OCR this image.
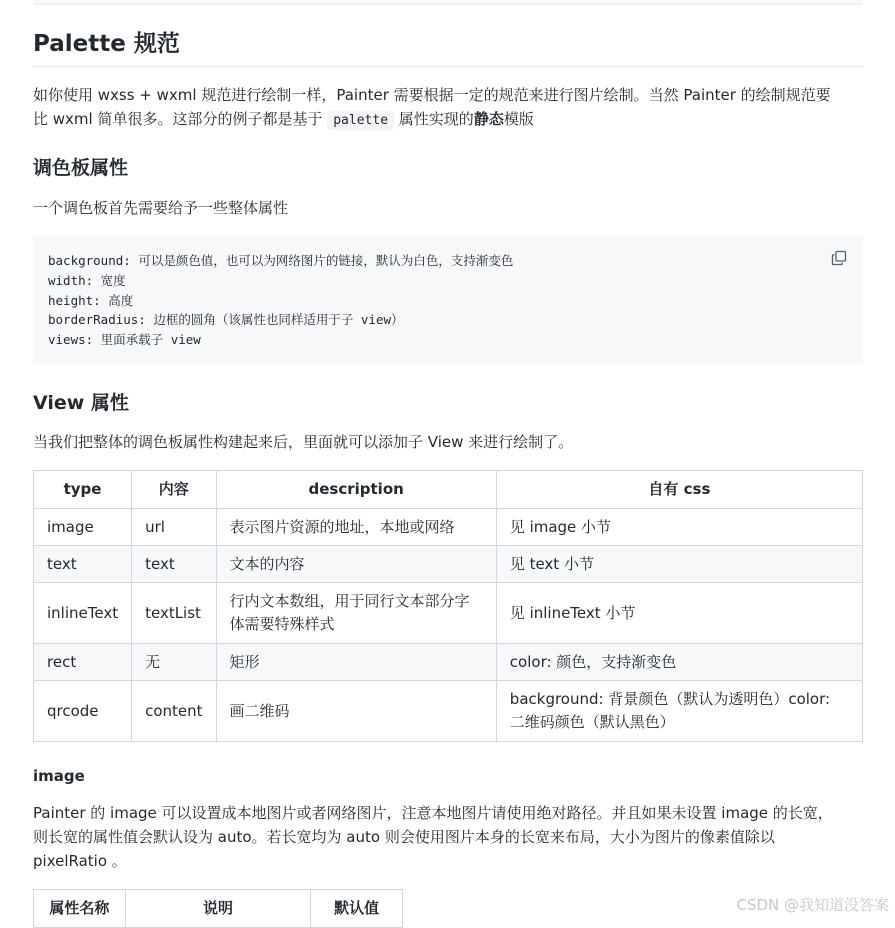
Palette 规范

如你使用 wxss + wxml 规范进行绘制一样，Painter 需要根据一定的规范来进行图片绘制。当然 Painter 的绘制规范要

比 wxml 简单很多。这部分的例子都是基于 palette 属性实现的静态模版

调色板属性

一个调色板首先需要给予一些整体属性

background: 可以是颜色值，也可以为网络图片的链接，默认为白色，支持渐变色
width: 宽度
height: 高度
borderRadius: 边框的圆角（该属性也同样适用于子 view）
views: 里面承载子 view
View 属性

当我们把整体的调色板属性构建起来后，里面就可以添加子 View 来进行绘制了。

type	内容	description	自有 css
image	url	表示图片资源的地址，本地或网络	见 image 小节
text	text	文本的内容	见 text 小节
inlineText	textList	行内文本数组，用于同行文本部分字体需要特殊样式	见 inlineText 小节
rect	无	矩形	color: 颜色，支持渐变色
qrcode	content	画二维码	background: 背景颜色（默认为透明色）color: 二维码颜色（默认黑色）
image

Painter 的 image 可以设置成本地图片或者网络图片，注意本地图片请使用绝对路径。并且如果未设置 image 的长宽，

则长宽的属性值会默认设为 auto。若长宽均为 auto 则会使用图片本身的长宽来布局，大小为图片的像素值除以

pixelRatio 。

属性名称	说明	默认值	CSDN @我知道没答案
